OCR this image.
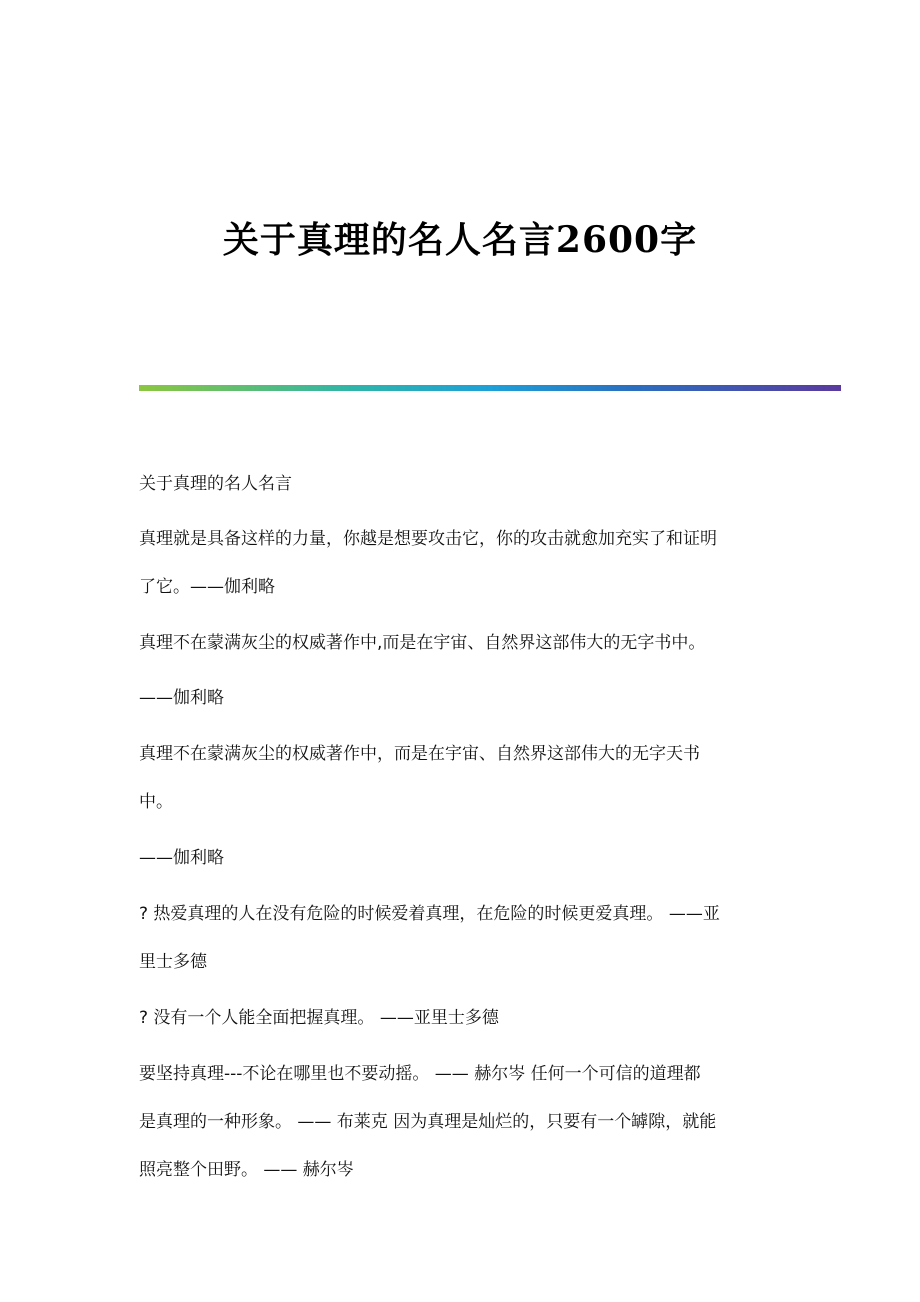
关于真理的名人名言2600字
关于真理的名人名言
真理就是具备这样的力量，你越是想要攻击它，你的攻击就愈加充实了和证明
了它。——伽利略
真理不在蒙满灰尘的权威著作中,而是在宇宙、自然界这部伟大的无字书中。
——伽利略
真理不在蒙满灰尘的权威著作中，而是在宇宙、自然界这部伟大的无字天书
中。
——伽利略
? 热爱真理的人在没有危险的时候爱着真理，在危险的时候更爱真理。 ——亚
里士多德
? 没有一个人能全面把握真理。 ——亚里士多德
要坚持真理---不论在哪里也不要动摇。 —— 赫尔岑 任何一个可信的道理都
是真理的一种形象。 —— 布莱克 因为真理是灿烂的，只要有一个罅隙，就能
照亮整个田野。 —— 赫尔岑
